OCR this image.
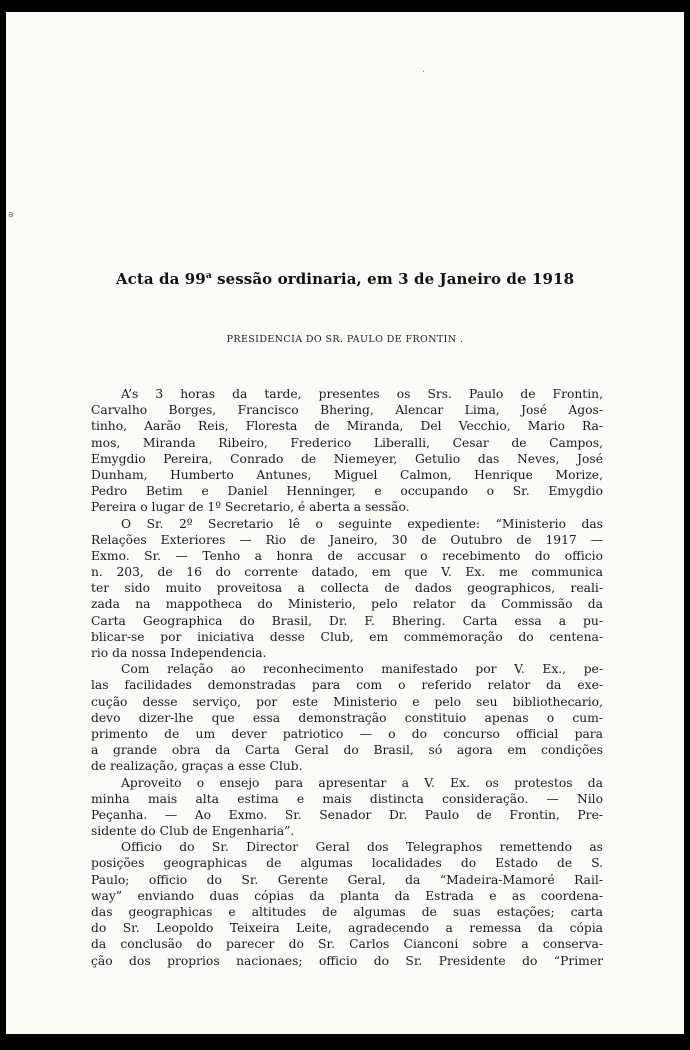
.
a
Acta da 99$^a$ sessão ordinaria, em 3 de Janeiro de 1918

PRESIDENCIA DO SR. PAULO DE FRONTIN .

A’s 3 horas da tarde, presentes os Srs. Paulo de Frontin,
Carvalho Borges, Francisco Bhering, Alencar Lima, José Agos-
tinho, Aarão Reis, Floresta de Miranda, Del Vecchio, Mario Ra-
mos, Miranda Ribeiro, Frederico Liberalli, Cesar de Campos,
Emygdio Pereira, Conrado de Niemeyer, Getulio das Neves, José
Dunham, Humberto Antunes, Miguel Calmon, Henrique Morize,
Pedro Betim e Daniel Henninger, e occupando o Sr. Emygdio
Pereira o lugar de 1º Secretario, é aberta a sessão.
O Sr. 2º Secretario lê o seguinte expediente: “Ministerio das
Relações Exteriores — Rio de Janeiro, 30 de Outubro de 1917 —
Exmo. Sr. — Tenho a honra de accusar o recebimento do officio
n. 203, de 16 do corrente datado, em que V. Ex. me communica
ter sido muito proveitosa a collecta de dados geographicos, reali-
zada na mappotheca do Ministerio, pelo relator da Commissão da
Carta Geographica do Brasil, Dr. F. Bhering. Carta essa a pu-
blicar-se por iniciativa desse Club, em commemoração do centena-
rio da nossa Independencia.
Com relação ao reconhecimento manifestado por V. Ex., pe-
las facilidades demonstradas para com o referido relator da exe-
cução desse serviço, por este Ministerio e pelo seu bibliothecario,
devo dizer-lhe que essa demonstração constituio apenas o cum-
primento de um dever patriotico — o do concurso official para
a grande obra da Carta Geral do Brasil, só agora em condições
de realização, graças a esse Club.
Aproveito o ensejo para apresentar a V. Ex. os protestos da
minha mais alta estima e mais distincta consideração. — Nilo
Peçanha. — Ao Exmo. Sr. Senador Dr. Paulo de Frontin, Pre-
sidente do Club de Engenharia”.
Officio do Sr. Director Geral dos Telegraphos remettendo as
posições geographicas de algumas localidades do Estado de S.
Paulo; officio do Sr. Gerente Geral, da “Madeira-Mamoré Rail-
way” enviando duas cópias da planta da Estrada e as coordena-
das geographicas e altitudes de algumas de suas estações; carta
do Sr. Leopoldo Teixeira Leite, agradecendo a remessa da cópia
da conclusão do parecer do Sr. Carlos Cianconi sobre a conserva-
ção dos proprios nacionaes; officio do Sr. Presidente do “Primer
